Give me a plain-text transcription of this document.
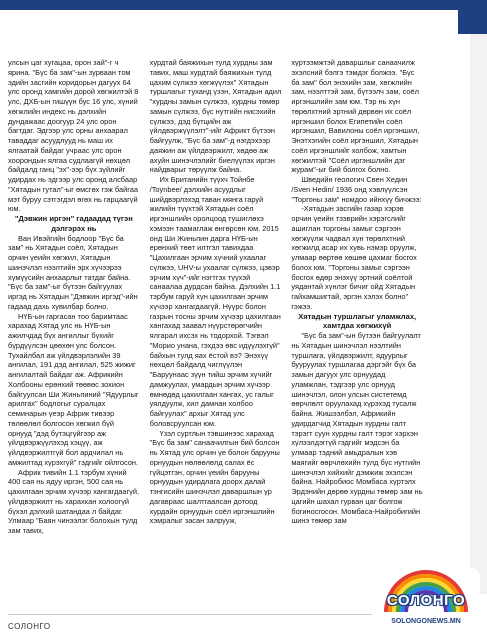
улсын цаг хугацаа, орон зай"-г ч ярина. "Бүс ба зам"-ын зурваан том эдийн засгийн коридорын дагуух 64 улс оронд хамгийн дорой хөгжилтэй 8 улс, ДХБ-ын гишүүн бус 16 улс, хүний хөгжлийн индекс нь дэлхийн дундажаас доогуур 24 улс орон багтдаг. Эдгээр улс орны анхаарал таваддаг асуудлууд нь маш их ялгаатай байдаг учраас улс орон хоорондын ялгаа судлаагүй нөхцөл байдалд ганц "эх"-ээр бүх зүйлийг удирдах нь эдгээр улс оронд алсбаар "Хятадын гутал"-ыг өмсгөх гэж байгаа мэт буруу сэтгэгдэл өгөх нь гарцаагүй юм.

"Дэвжин иргэн" гадаадад түгэн дэлгэрэх нь

Ван Ивэйгийн бодлоор "Бүс ба зам" нь Хятадын соёл, Хятадын орчин үеийн хөгжил, Хятадын шинэчлэл нээлтийн эрх хүчээрээ хүмүүсийн анхаарлыг татдаг байна. "Бүс ба зам"-ыг бүтээн байгуулах иргэд нь Хятадын "Дэвжин иргэд"-ийн гадаад дахь хувилбар болно.

НҮБ-ын гаргасан тоо баримтаас харахад Хятад улс нь НҮБ-ын ажилчдад бүх ангиллыг бүхийг бүрдүүлсэн цөөхөн улс болсон. Тухайлбал аж үйлдвэрлэлийн 39 ангилал, 191 дэд ангилал, 525 жижиг ангилалтай байдаг аж. Африкийн Холбооны ерөнхий төөвөс зохион байгуулсан Ши Жиньпиний "Ядуурлыг арилгах" бодлогыг суралцах семинарын үеэр Африк тивээр төлөөлөл болгосон хөгжил бүй орнууд "дэд бүтэцгүйгээр аж үйлдвэржүүлэхэд хэцүү, аж үйлдвэржилтгүй бол ардчилал нь амжилтад хүрэхгүй" гэдгийг ойлгосон.

Африк тивийн 1.1 тэрбум хүний 400 сая нь ядуу иргэн, 500 сая нь цахилгаан эрчим хүчээр хангагдаагүй, үйлдвэржилт нь харахкан холоогүй бүхэл дэлхий шатандаа л байдаг. Улмаар "Баян чинээлэг болохын тулд зам тавих,

хурдтай баяжихын тулд хурдны зам тавих, маш хурдтай баяжихын тулд цахим сүлжээ хөгжүүлэх" Хятадын туршлагыг туханд үзэн, Хятадын адил "хурдны замын сүлжээ, хурдны төмөр замын сүлжээ, бүс нутгийн нисэхийн сүлжээ, дэд бүтцийн аж үйлдвэржүүлэлт"-ийг Африкт бүтээн байгуулж, "Бүс ба зам"-д нэгдэхээр даяжин аж үйлдвэржилт, хөдөө аж ахуйн шинэчлэлийг биелүүлэх иргэн найдварыг төрүүлж байна.

Их Британийн түүхч Тойнбе /Toynbee/ дэлхийн асуудлыг шийдвэрлэхэд таван мянга гаруй жилийн түүхтэй Хятадын соёл иргэншлийн оролцоод тушиглөхэ хэмээн таамаглаж өнгөрсөн юм. 2015 онд Ши Жиньпин дарга НҮБ-ын ерөнхий төөт илтгэл тавихдаа "Цахилгаан эрчим хүчний ухаалаг сүлжээ, UHV-ы ухаалаг сүлжээ, цэвэр эрчим хүч"-ийг нэгтгэх түүхэй санаалаа дурдсан байна. Дэлхийн 1.1 тэрбум гаруй хүн цахилгаан эрчим хүчээр хангагдаагүй. Нүүрс болон газрын тосны эрчим хүчээр цахилгаан хангахад заавал нүүрстөрөгчийн ялгарал ихсэх нь тодорхой. Тэгвэл "Морио унана, гэхдээ өвс идүүлэхгүй" байхын тулд яах ёстой вэ? Энэхүү нөхцөл байдалд чиглүүлэн "Баруунаас зүүн тийш эрчим хүчийг дамжуулах, умардын эрчим хүчээр өмнөдөд цахилгаан хангах, ус галыг уялдуулж, хил дамнан холбоо байгуулах" архыг Хятад улс боловсруулсан юм.

Үзэл суртлын тэвшинээс харахад "Бүс ба зам" санаачилгын бий болсон нь Хятад улс орчин үе болон барууны орнуудын нөлөөлөлд салах ёс гүйцэтгэн, орчин үеийн барууны орнуудын удирдлага доорх далай тэнгисийн шинэчлэл даваршлын үр дагавраас шалтгаалсан дотоод хурдайн орнуудын соёл иргэншлийн хэмралыг засан залрууж,

хүртээмжтэй даваршлыг санаачилж эхэлсний бэлгэ тэмдэг болжээ. "Бүс ба зам" бол энэхийн зам, хөгжлийн зам, нээлттэй зам, бүтээлч зам, соёл иргэншлийн зам юм. Тэр нь хүн төрөлхтний эртний дөрвөн их соёл иргэншил болох Египетийн соёл иргэншил, Вавилоны соёл иргэншил, Энэтхэгийн соёл иргэншил, Хятадын соёл иргэншлийг холбож, хамтын хөгжилтэй "Соёл иргэншлийн дэг журам"-ыг бий болгох болно.

Шведийн геологич Свен Хедин /Sven Hedin/ 1936 онд хэвлүүлсэн "Торгоны зам" номдоо ийнхүү бичжээ:

-Хятадын засгийн газар хэрэв орчин үеийн тээврийн хэрэгслийг ашиглан торгоны замыг сэргээн хөгжүүлж чадвал хүн төрөлхтний хөгжилд асар их хувь нэмэр оруулж, улмаар өөртөө хөшөө цахмаг босгох болох юм. "Торгоны замыг сэргээн босгох өдөр энэхүү эртний соёлтой уядантай хүнлэг бичиг ойд Хятадын гайхамшигтай, эргэн хэлэх болно" гэжээ.

Хятадын туршлагыг уламжлах, хамтдаа хөгжихүй

"Бүс ба зам"-ын бүтээн байгуулалт нь Хятадын шинэчлэл нээлтийн туршлага, үйлдвэржилт, ядуурлыг бууруулах туршлагаа дэргэйг бүх ба замын дагуух улс орнуудад уламжлан, тэдгээр улс орнууд шинэчлэл, олон улсын систетемд өөрчлөлт оруулахад хүрэхэд тусалж байна. Жишээлбэл, Африкийн удирдагчид Хятадын хурдны галт тэрэгт суун хурдны галт тэрэг хэрхэн хүлээлдэггүй гэдгийг мэдсэн ба улмаар тэдний амьдралын хэв маягийг өөрчлөхийн тулд бүс нутгийн шинэчлэл хийхийг дэмжиж эхэлсэн байна. Найробиос Момбаса хүртэлх Эрдэнийн дөрөө хурдны төмөр зам нь цагийн шахал гурван цаг болгож богиносгосон. Момбаса-Найробигийн шинэ төмөр зам

СОЛОНГО
СОЛОНГО
SOLONGONEWS.MN
